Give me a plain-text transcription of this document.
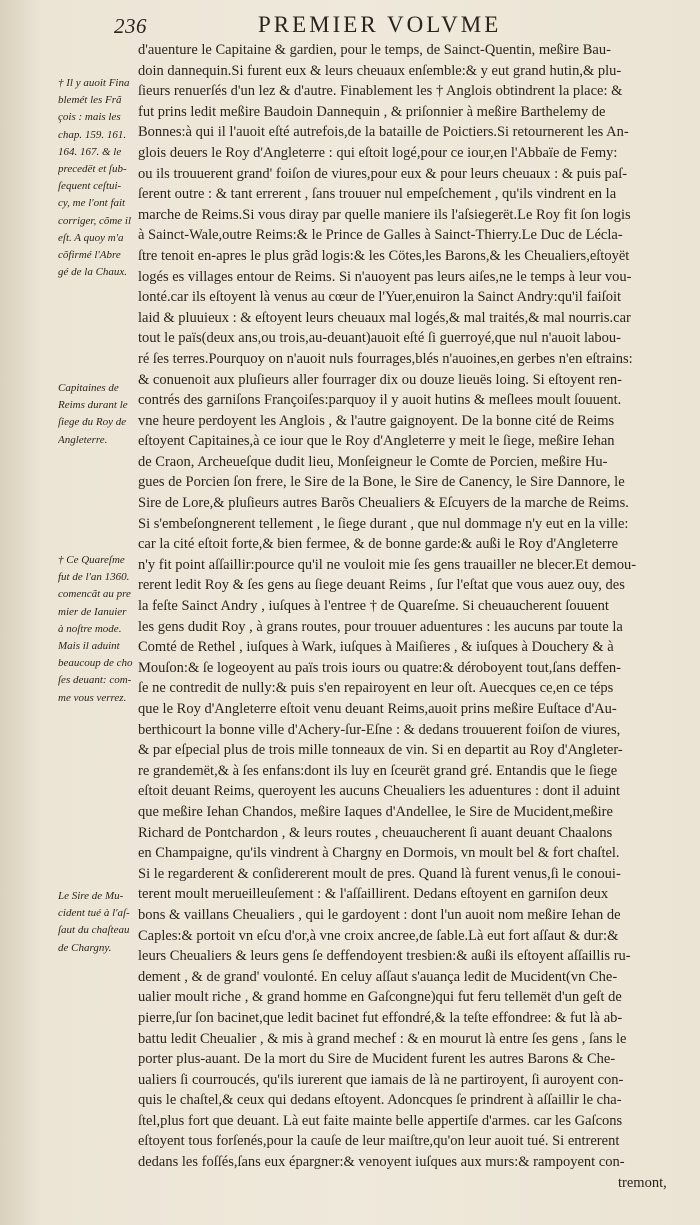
236	PREMIER VOLVME
d'auenture le Capitaine & gardien, pour le temps, de Sainct-Quentin, meßire Bau-
doin dannequin.Si furent eux & leurs cheuaux enſemble:& y eut grand hutin,& plu-
ſieurs renuerſés d'un lez & d'autre. Finablement les † Anglois obtindrent la place: &
fut prins ledit meßire Baudoin Dannequin , & priſonnier à meßire Barthelemy de
Bonnes:à qui il l'auoit eſté autrefois,de la bataille de Poictiers.Si retournerent les An-
glois deuers le Roy d'Angleterre : qui eſtoit logé,pour ce iour,en l'Abbaïe de Femy:
ou ils trouuerent grand' foiſon de viures,pour eux & pour leurs cheuaux : & puis paſ-
ſerent outre : & tant errerent , ſans trouuer nul empeſchement , qu'ils vindrent en la
marche de Reims.Si vous diray par quelle maniere ils l'aſsiegerët.Le Roy fit ſon logis
à Sainct-Wale,outre Reims:& le Prince de Galles à Sainct-Thierry.Le Duc de Lécla-
ſtre tenoit en-apres le plus grãd logis:& les Cötes,les Barons,& les Cheualiers,eſtoyët
logés es villages entour de Reims. Si n'auoyent pas leurs aiſes,ne le temps à leur vou-
lonté.car ils eſtoyent là venus au cœur de l'Yuer,enuiron la Sainct Andry:qu'il faiſoit
laid & pluuieux : & eſtoyent leurs cheuaux mal logés,& mal traités,& mal nourris.car
tout le païs(deux ans,ou trois,au-deuant)auoit eſté ſi guerroyé,que nul n'auoit labou-
ré ſes terres.Pourquoy on n'auoit nuls fourrages,blés n'auoines,en gerbes n'en eſtrains:
& conuenoit aux pluſieurs aller fourrager dix ou douze lieuës loing. Si eſtoyent ren-
contrés des garniſons Françoiſes:parquoy il y auoit hutins & meſlees moult ſouuent.
vne heure perdoyent les Anglois , & l'autre gaignoyent. De la bonne cité de Reims
eſtoyent Capitaines,à ce iour que le Roy d'Angleterre y meit le ſiege, meßire Iehan
de Craon, Archeueſque dudit lieu, Monſeigneur le Comte de Porcien, meßire Hu-
gues de Porcien ſon frere, le Sire de la Bone, le Sire de Canency, le Sire Dannore, le
Sire de Lore,& pluſieurs autres Barõs Cheualiers & Eſcuyers de la marche de Reims.
Si s'embeſongnerent tellement , le ſiege durant , que nul dommage n'y eut en la ville:
car la cité eſtoit forte,& bien fermee, & de bonne garde:& außi le Roy d'Angleterre
n'y fit point aſſaillir:pource qu'il ne vouloit mie ſes gens trauailler ne blecer.Et demou-
rerent ledit Roy & ſes gens au ſiege deuant Reims , ſur l'eſtat que vous auez ouy, des
la feſte Sainct Andry , iuſques à l'entree † de Quareſme. Si cheuaucherent ſouuent
les gens dudit Roy , à grans routes, pour trouuer aduentures : les aucuns par toute la
Comté de Rethel , iuſques à Wark, iuſques à Maiſieres , & iuſques à Douchery & à
Mouſon:& ſe logeoyent au païs trois iours ou quatre:& déroboyent tout,ſans deffen-
ſe ne contredit de nully:& puis s'en repairoyent en leur oſt. Auecques ce,en ce téps
que le Roy d'Angleterre eſtoit venu deuant Reims,auoit prins meßire Euſtace d'Au-
berthicourt la bonne ville d'Achery-ſur-Eſne : & dedans trouuerent foiſon de viures,
& par eſpecial plus de trois mille tonneaux de vin. Si en departit au Roy d'Angleter-
re grandemët,& à ſes enfans:dont ils luy en ſceurët grand gré. Entandis que le ſiege
eſtoit deuant Reims, queroyent les aucuns Cheualiers les aduentures : dont il aduint
que meßire Iehan Chandos, meßire Iaques d'Andellee, le Sire de Mucident,meßire
Richard de Pontchardon , & leurs routes , cheuaucherent ſi auant deuant Chaalons
en Champaigne, qu'ils vindrent à Chargny en Dormois, vn moult bel & fort chaſtel.
Si le regarderent & conſidererent moult de pres. Quand là furent venus,ſi le conoui-
terent moult merueilleuſement : & l'aſſaillirent. Dedans eſtoyent en garniſon deux
bons & vaillans Cheualiers , qui le gardoyent : dont l'un auoit nom meßire Iehan de
Caples:& portoit vn eſcu d'or,à vne croix ancree,de ſable.Là eut fort aſſaut & dur:&
leurs Cheualiers & leurs gens ſe deffendoyent tresbien:& außi ils eſtoyent aſſaillis ru-
dement , & de grand' voulonté. En celuy aſſaut s'auança ledit de Mucident(vn Che-
ualier moult riche , & grand homme en Gaſcongne)qui fut feru tellemët d'un geſt de
pierre,ſur ſon bacinet,que ledit bacinet fut effondré,& la teſte effondree: & fut là ab-
battu ledit Cheualier , & mis à grand mechef : & en mourut là entre ſes gens , ſans le
porter plus-auant. De la mort du Sire de Mucident furent les autres Barons & Che-
ualiers ſi courroucés, qu'ils iurerent que iamais de là ne partiroyent, ſi auroyent con-
quis le chaſtel,& ceux qui dedans eſtoyent. Adoncques ſe prindrent à aſſaillir le cha-
ſtel,plus fort que deuant. Là eut faite mainte belle appertiſe d'armes. car les Gaſcons
eſtoyent tous forſenés,pour la cauſe de leur maiſtre,qu'on leur auoit tué. Si entrerent
dedans les foſſés,ſans eux épargner:& venoyent iuſques aux murs:& rampoyent con-
tremont,
† Il y auoit Fina
blemét les Frã
çois : mais les
chap. 159. 161.
164. 167. & le
precedët et ſub-
ſequent ceſtui-
cy, me l'ont fait
corriger, cõme il
eſt. A quoy m'a
cõfirmé l'Abre
gé de la Chaux.
Capitaines de
Reims durant le
ſiege du Roy de
Angleterre.
† Ce Quareſme
fut de l'an 1360.
comencãt au pre
mier de Ianuier
à noſtre mode.
Mais il aduint
beaucoup de cho
ſes deuant: com-
me vous verrez.
Le Sire de Mu-
cident tué à l'aſ-
ſaut du chaſteau
de Chargny.
